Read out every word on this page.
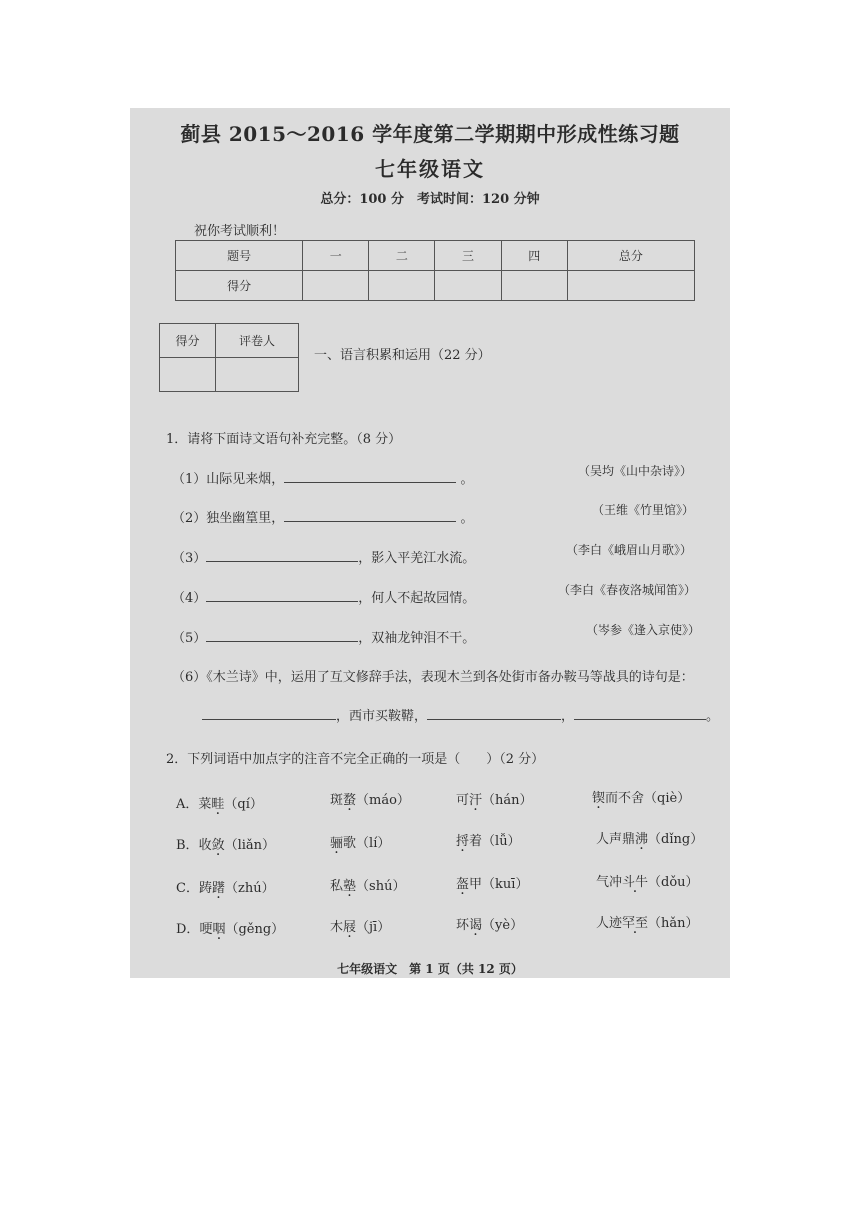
蓟县 2015～2016 学年度第二学期期中形成性练习题
七年级语文
总分：100 分　考试时间：120 分钟
祝你考试顺利！
题号	一	二	三	四	总分
得分					
得分	评卷人

一、语言积累和运用（22 分）
1．请将下面诗文语句补充完整。（8 分）
（1）山际见来烟，	。
（吴均《山中杂诗》）
（2）独坐幽篁里，	。
（王维《竹里馆》）
（3）	，影入平羌江水流。
（李白《峨眉山月歌》）
（4）	，何人不起故园情。
（李白《春夜洛城闻笛》）
（5）	，双袖龙钟泪不干。
（岑参《逢入京使》）
（6）《木兰诗》中，运用了互文修辞手法，表现木兰到各处街市备办鞍马等战具的诗句是：
，西市买鞍鞯，	，	。
2．下列词语中加点字的注音不完全正确的一项是（　　）（2 分）
A．菜畦（qí）	斑蝥（máo）	可汗（hán）	锲而不舍（qiè）
B．收敛（liǎn）	骊歌（lí）	捋着（lǚ）	人声鼎沸（dǐng）
C．踌躇（zhú）	私塾（shú）	盔甲（kuī）	气冲斗牛（dǒu）
D．哽咽（gěng）	木屐（jī）	环谒（yè）	人迹罕至（hǎn）
七年级语文　第 1 页（共 12 页）
